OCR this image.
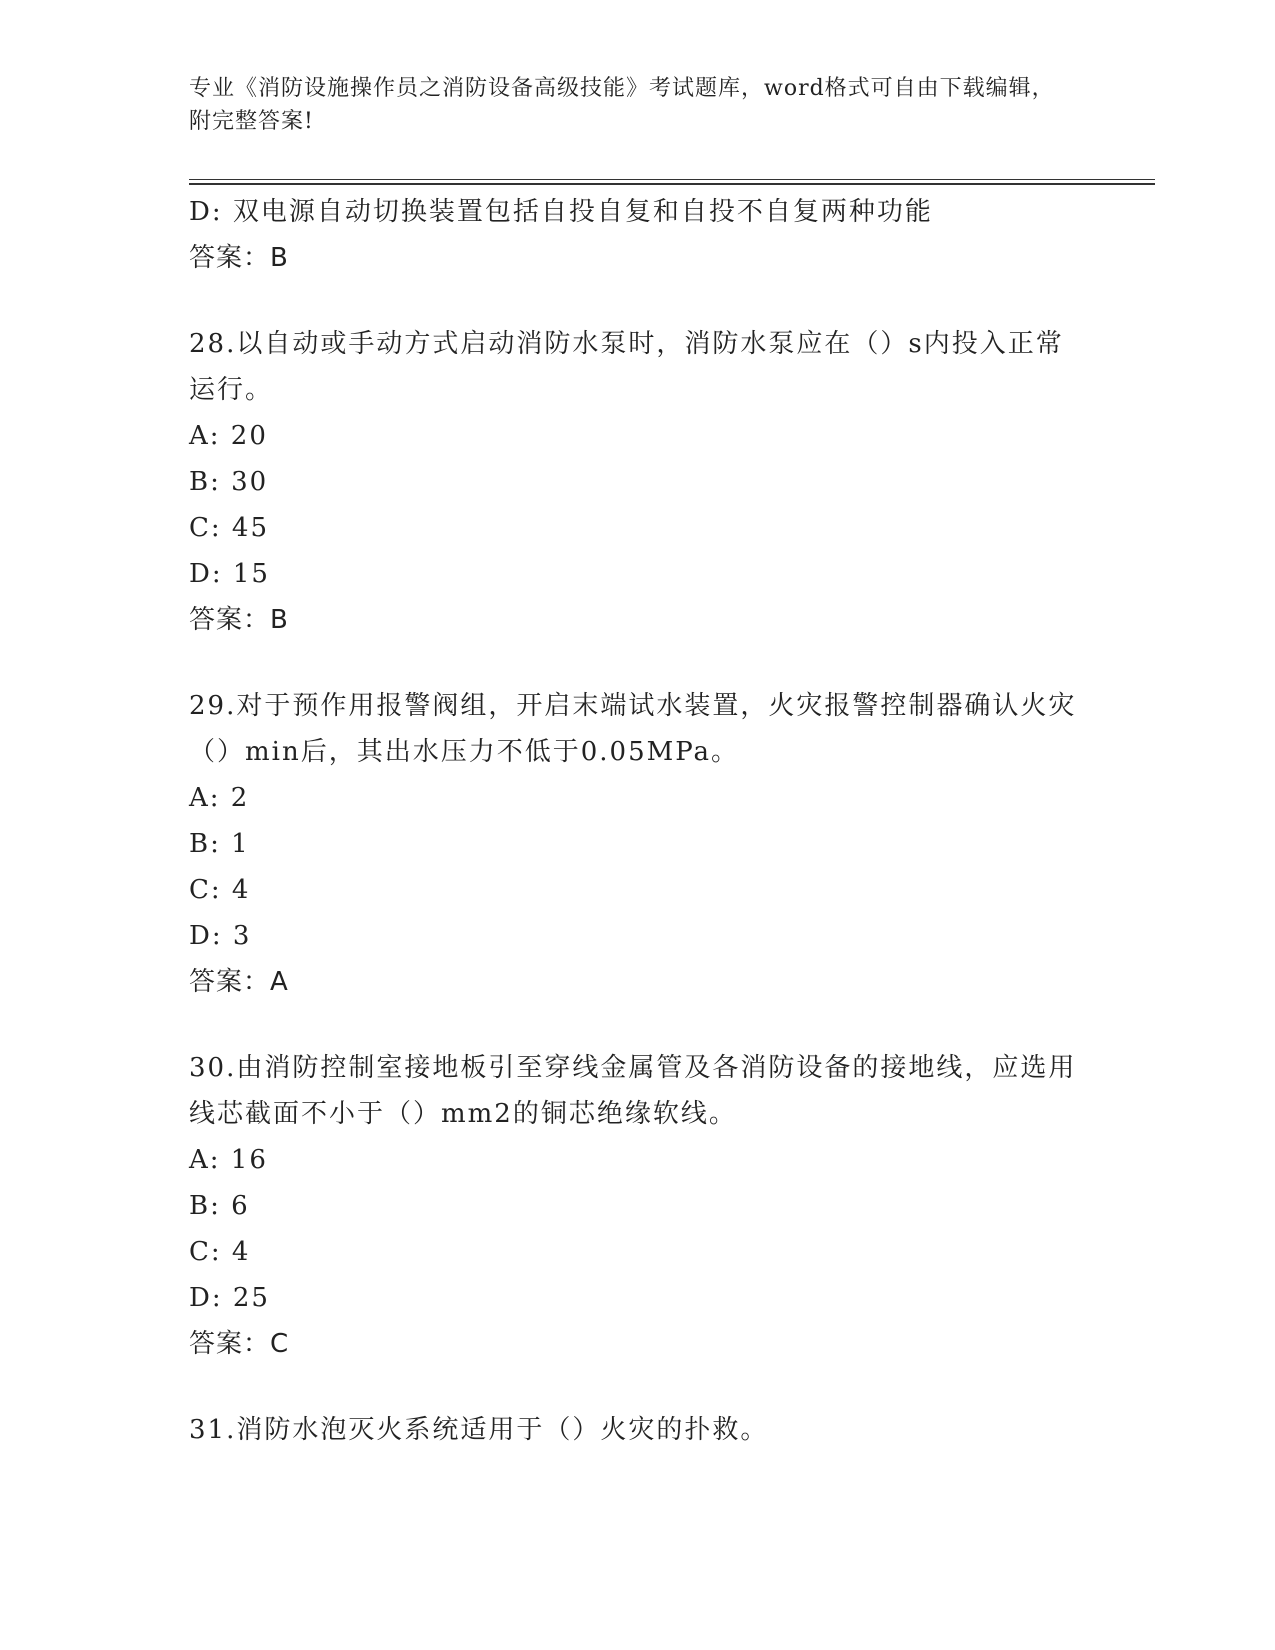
专业《消防设施操作员之消防设备高级技能》考试题库，word格式可自由下载编辑，附完整答案!
D: 双电源自动切换装置包括自投自复和自投不自复两种功能
答案：B
28.以自动或手动方式启动消防水泵时，消防水泵应在（）s内投入正常运行。
A: 20
B: 30
C: 45
D: 15
答案：B
29.对于预作用报警阀组，开启末端试水装置，火灾报警控制器确认火灾（）min后，其出水压力不低于0.05MPa。
A: 2
B: 1
C: 4
D: 3
答案：A
30.由消防控制室接地板引至穿线金属管及各消防设备的接地线，应选用线芯截面不小于（）mm2的铜芯绝缘软线。
A: 16
B: 6
C: 4
D: 25
答案：C
31.消防水泡灭火系统适用于（）火灾的扑救。
